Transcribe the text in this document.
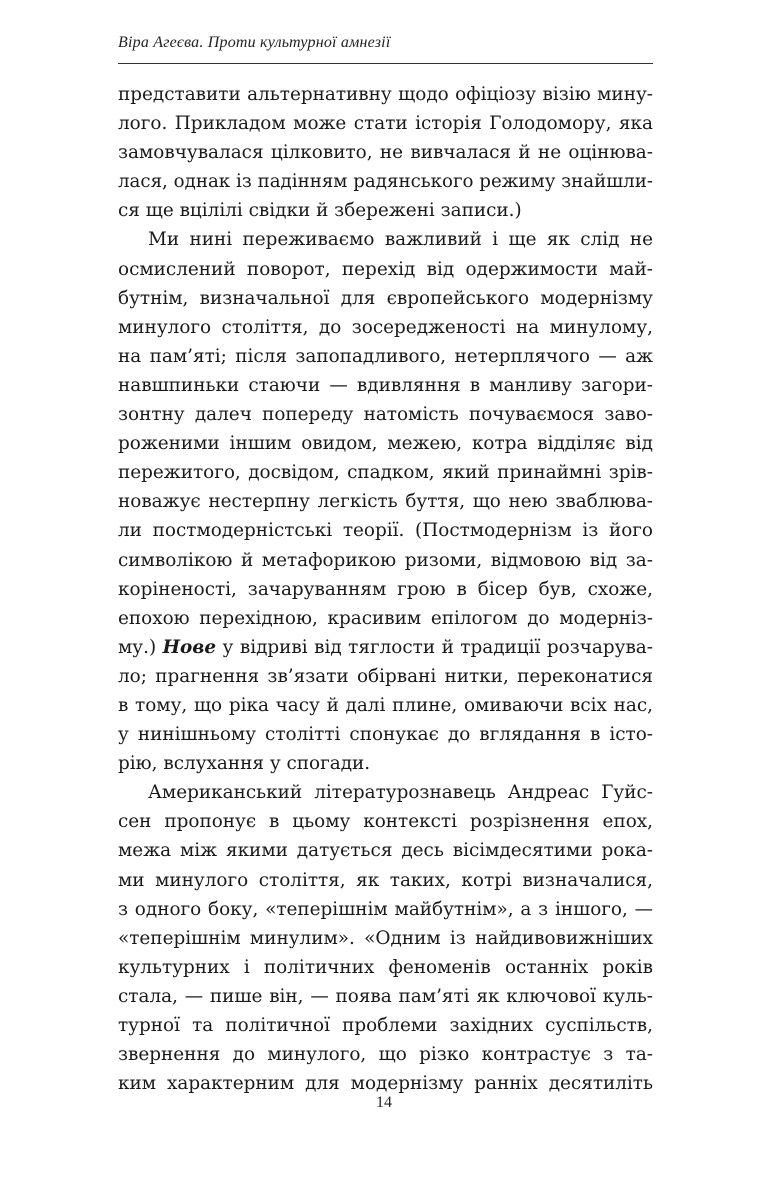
Віра Агеєва. Проти культурної амнезії
представити альтернативну щодо офіціозу візію мину-
лого. Прикладом може стати історія Голодомору, яка
замовчувалася цілковито, не вивчалася й не оцінюва-
лася, однак із падінням радянського режиму знайшли-
ся ще вцілілі свідки й збережені записи.)
Ми нині переживаємо важливий і ще як слід не
осмислений поворот, перехід від одержимости май-
бутнім, визначальної для європейського модернізму
минулого століття, до зосередженості на минулому,
на пам’яті; після запопадливого, нетерплячого — аж
навшпиньки стаючи — вдивляння в манливу загори-
зонтну далеч попереду натомість почуваємося заво-
роженими іншим овидом, межею, котра відділяє від
пережитого, досвідом, спадком, який принаймні зрів-
новажує нестерпну легкість буття, що нею зваблюва-
ли постмодерністські теорії. (Постмодернізм із його
символікою й метафорикою ризоми, відмовою від за-
коріненості, зачаруванням грою в бісер був, схоже,
епохою перехідною, красивим епілогом до модерніз-
му.) Нове у відриві від тяглости й традиції розчарува-
ло; прагнення зв’язати обірвані нитки, переконатися
в тому, що ріка часу й далі плине, омиваючи всіх нас,
у нинішньому столітті спонукає до вглядання в істо-
рію, вслухання у спогади.
Американський літературознавець Андреас Гуйс-
сен пропонує в цьому контексті розрізнення епох,
межа між якими датується десь вісімдесятими рока-
ми минулого століття, як таких, котрі визначалися,
з одного боку, «теперішнім майбутнім», а з іншого, —
«теперішнім минулим». «Одним із найдивовижніших
культурних і політичних феноменів останніх років
стала, — пише він, — поява пам’яті як ключової куль-
турної та політичної проблеми західних суспільств,
звернення до минулого, що різко контрастує з та-
ким характерним для модернізму ранніх десятиліть
14
